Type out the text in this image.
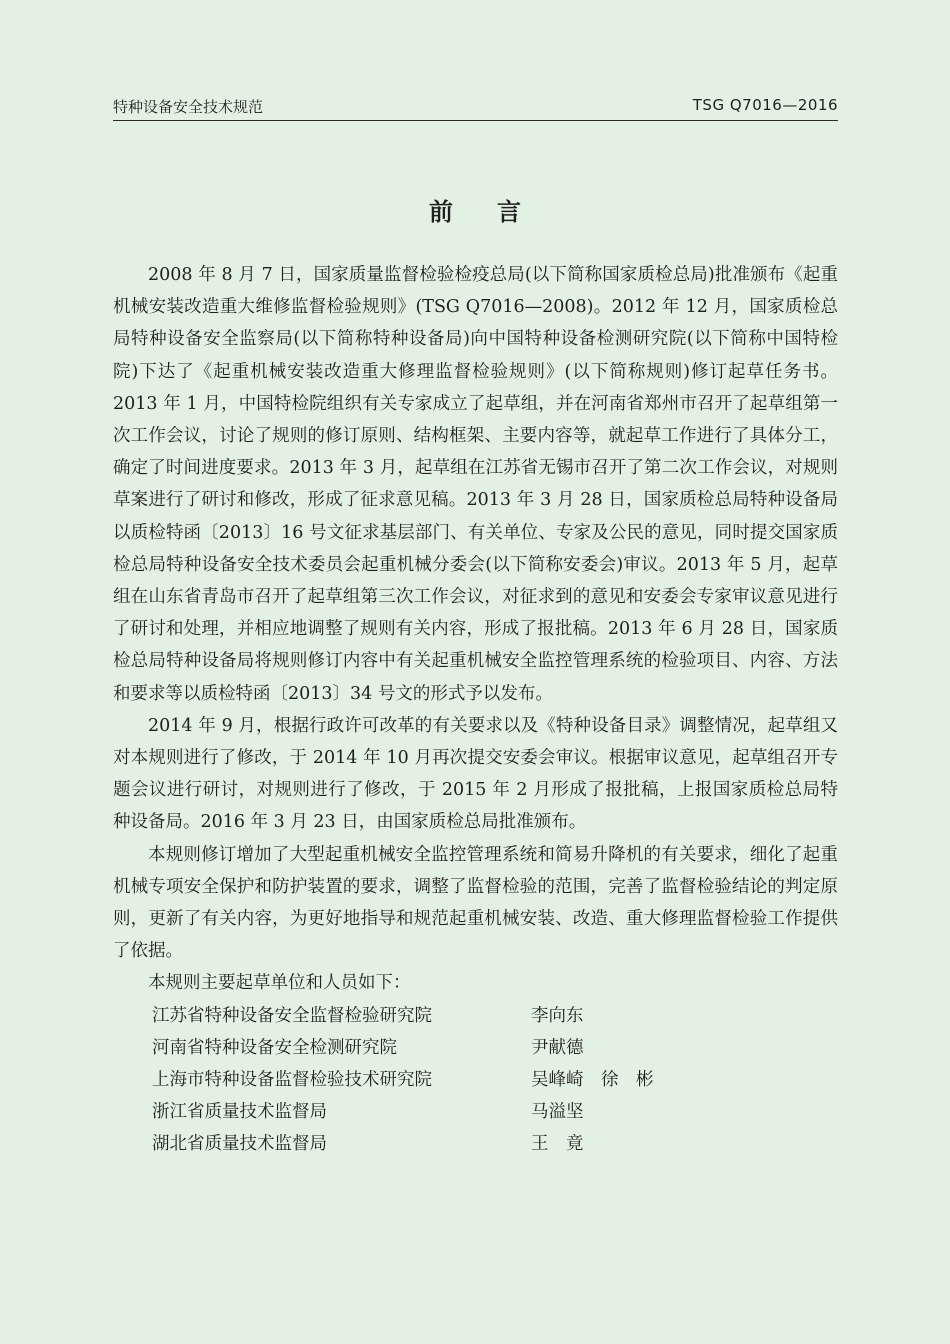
特种设备安全技术规范	TSG Q7016—2016
前言

2008 年 8 月 7 日，国家质量监督检验检疫总局(以下简称国家质检总局)批准颁布《起重机械安装改造重大维修监督检验规则》(TSG Q7016—2008)。2012 年 12 月，国家质检总局特种设备安全监察局(以下简称特种设备局)向中国特种设备检测研究院(以下简称中国特检院)下达了《起重机械安装改造重大修理监督检验规则》(以下简称规则)修订起草任务书。2013 年 1 月，中国特检院组织有关专家成立了起草组，并在河南省郑州市召开了起草组第一次工作会议，讨论了规则的修订原则、结构框架、主要内容等，就起草工作进行了具体分工，确定了时间进度要求。2013 年 3 月，起草组在江苏省无锡市召开了第二次工作会议，对规则草案进行了研讨和修改，形成了征求意见稿。2013 年 3 月 28 日，国家质检总局特种设备局以质检特函〔2013〕16 号文征求基层部门、有关单位、专家及公民的意见，同时提交国家质检总局特种设备安全技术委员会起重机械分委会(以下简称安委会)审议。2013 年 5 月，起草组在山东省青岛市召开了起草组第三次工作会议，对征求到的意见和安委会专家审议意见进行了研讨和处理，并相应地调整了规则有关内容，形成了报批稿。2013 年 6 月 28 日，国家质检总局特种设备局将规则修订内容中有关起重机械安全监控管理系统的检验项目、内容、方法和要求等以质检特函〔2013〕34 号文的形式予以发布。

2014 年 9 月，根据行政许可改革的有关要求以及《特种设备目录》调整情况，起草组又对本规则进行了修改，于 2014 年 10 月再次提交安委会审议。根据审议意见，起草组召开专题会议进行研讨，对规则进行了修改，于 2015 年 2 月形成了报批稿，上报国家质检总局特种设备局。2016 年 3 月 23 日，由国家质检总局批准颁布。

本规则修订增加了大型起重机械安全监控管理系统和简易升降机的有关要求，细化了起重机械专项安全保护和防护装置的要求，调整了监督检验的范围，完善了监督检验结论的判定原则，更新了有关内容，为更好地指导和规范起重机械安装、改造、重大修理监督检验工作提供了依据。

本规则主要起草单位和人员如下：

江苏省特种设备安全监督检验研究院	李向东
河南省特种设备安全检测研究院	尹献德
上海市特种设备监督检验技术研究院	吴峰崎　徐　彬
浙江省质量技术监督局	马溢坚
湖北省质量技术监督局	王　竟
